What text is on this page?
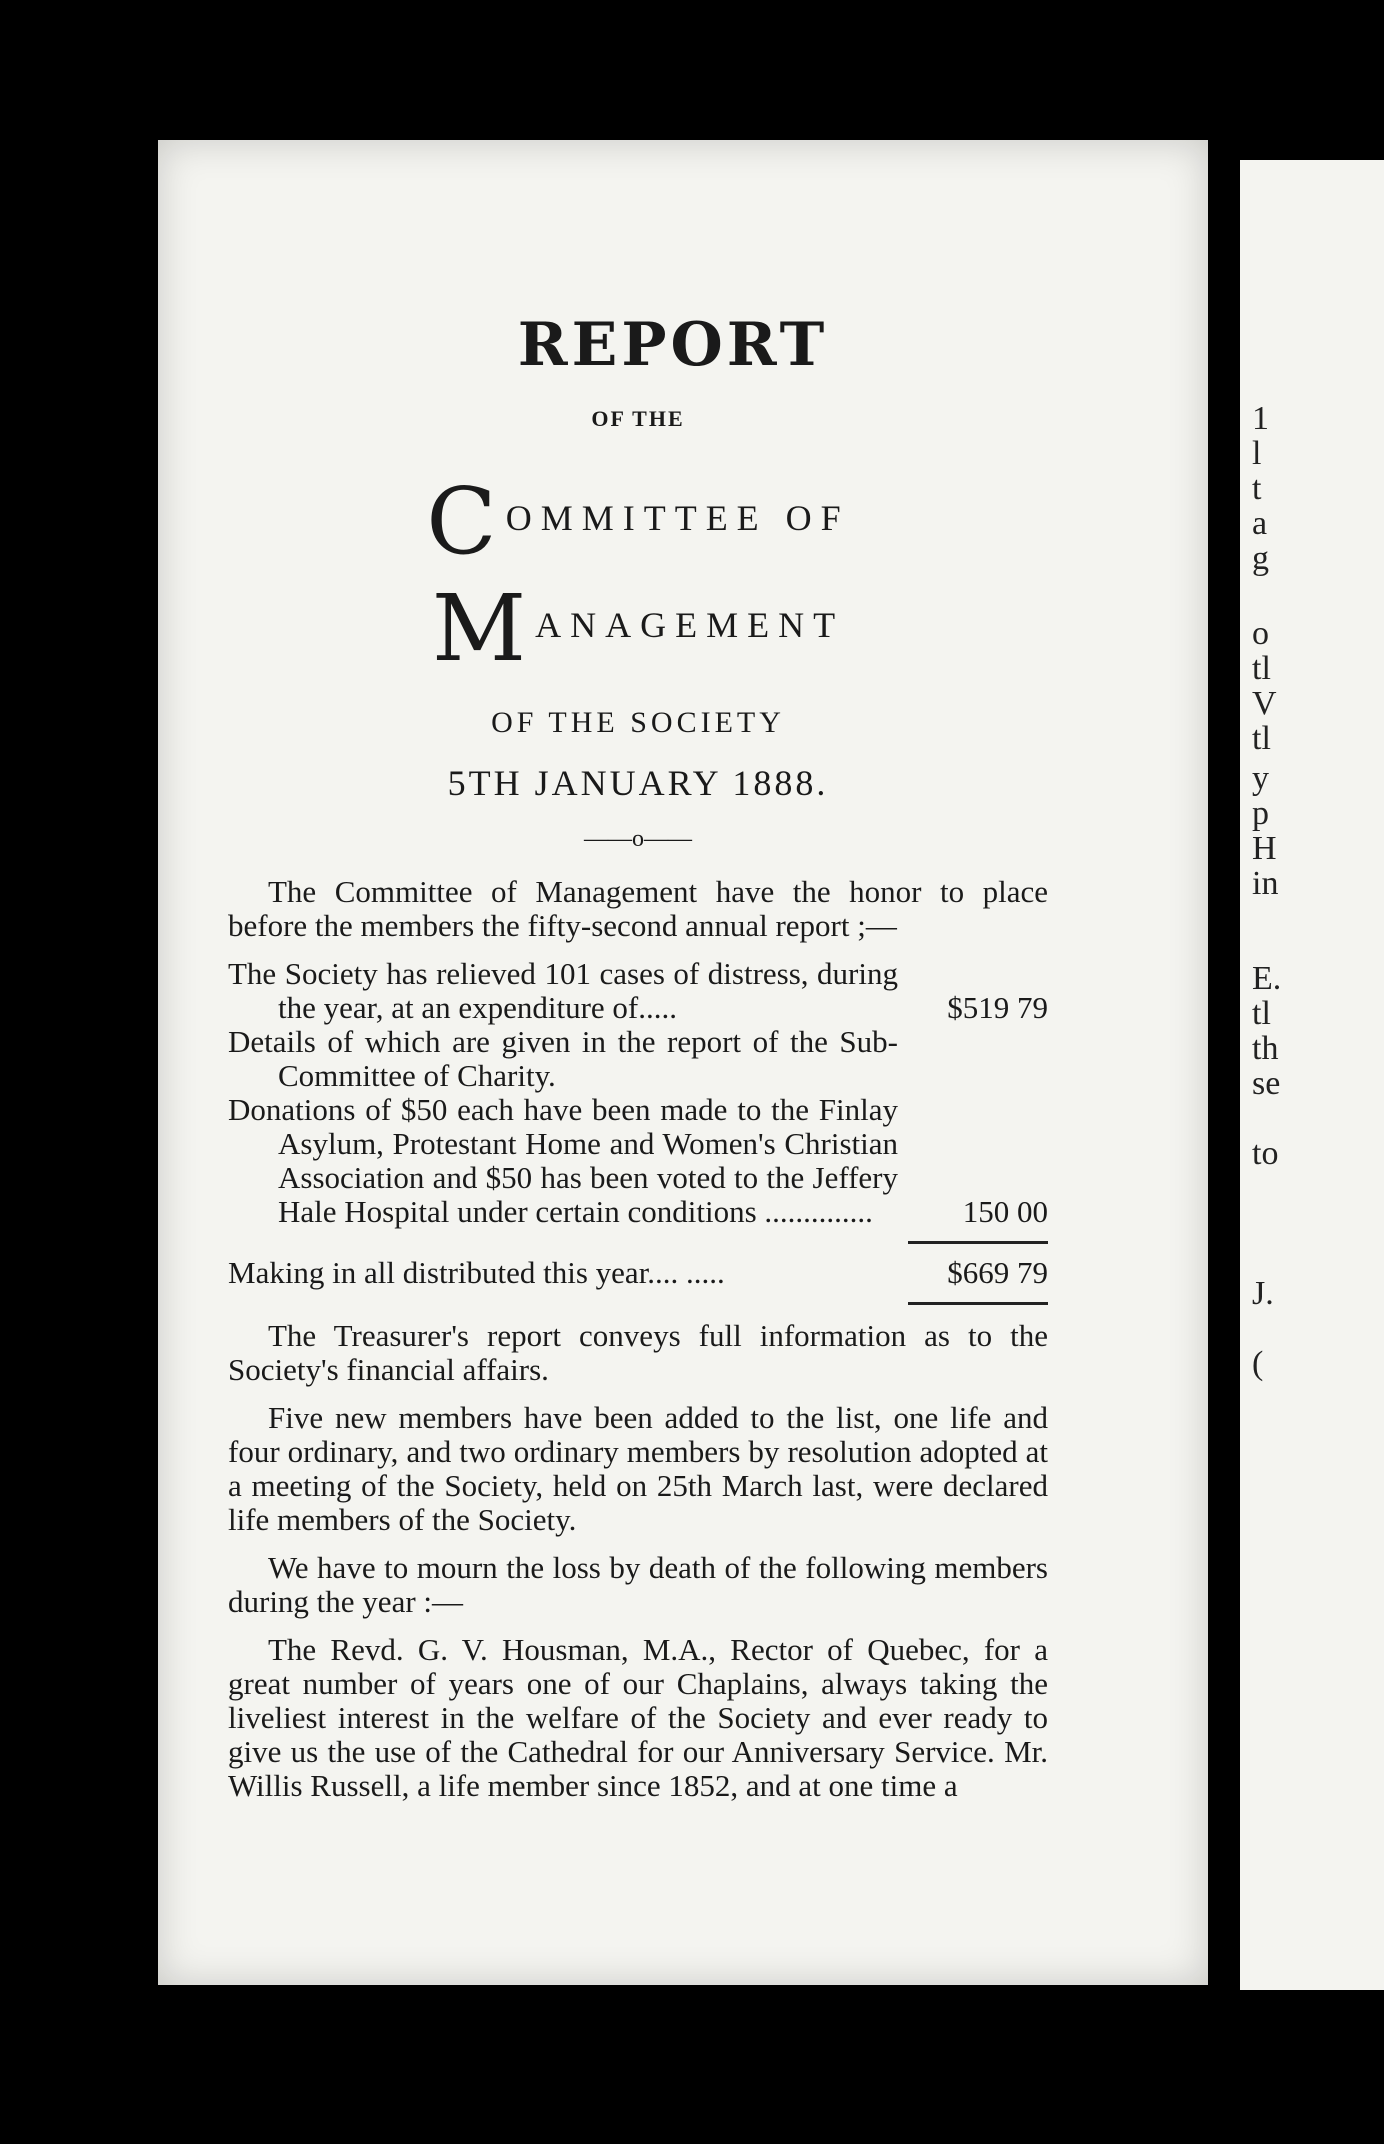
REPORT
OF THE
COMMITTEE OF MANAGEMENT
OF THE SOCIETY
5TH JANUARY 1888.
——o——

The Committee of Management have the honor to place before the members the fifty-second annual report ;—

The Society has relieved 101 cases of distress, during the year, at an expenditure of.....	$519 79
Details of which are given in the report of the Sub-Committee of Charity.
Donations of $50 each have been made to the Finlay Asylum, Protestant Home and Women's Christian Association and $50 has been voted to the Jeffery Hale Hospital under certain conditions ..............	150 00
Making in all distributed this year.... .....	$669 79

The Treasurer's report conveys full information as to the Society's financial affairs.

Five new members have been added to the list, one life and four ordinary, and two ordinary members by resolution adopted at a meeting of the Society, held on 25th March last, were declared life members of the Society.

We have to mourn the loss by death of the following members during the year :—

The Revd. G. V. Housman, M.A., Rector of Quebec, for a great number of years one of our Chaplains, always taking the liveliest interest in the welfare of the Society and ever ready to give us the use of the Cathedral for our Anniversary Service. Mr. Willis Russell, a life member since 1852, and at one time a

1
l
t
a
g
o
tl
V
tl
y
p
H
in
E.
tl
th
se
to
J.
(
